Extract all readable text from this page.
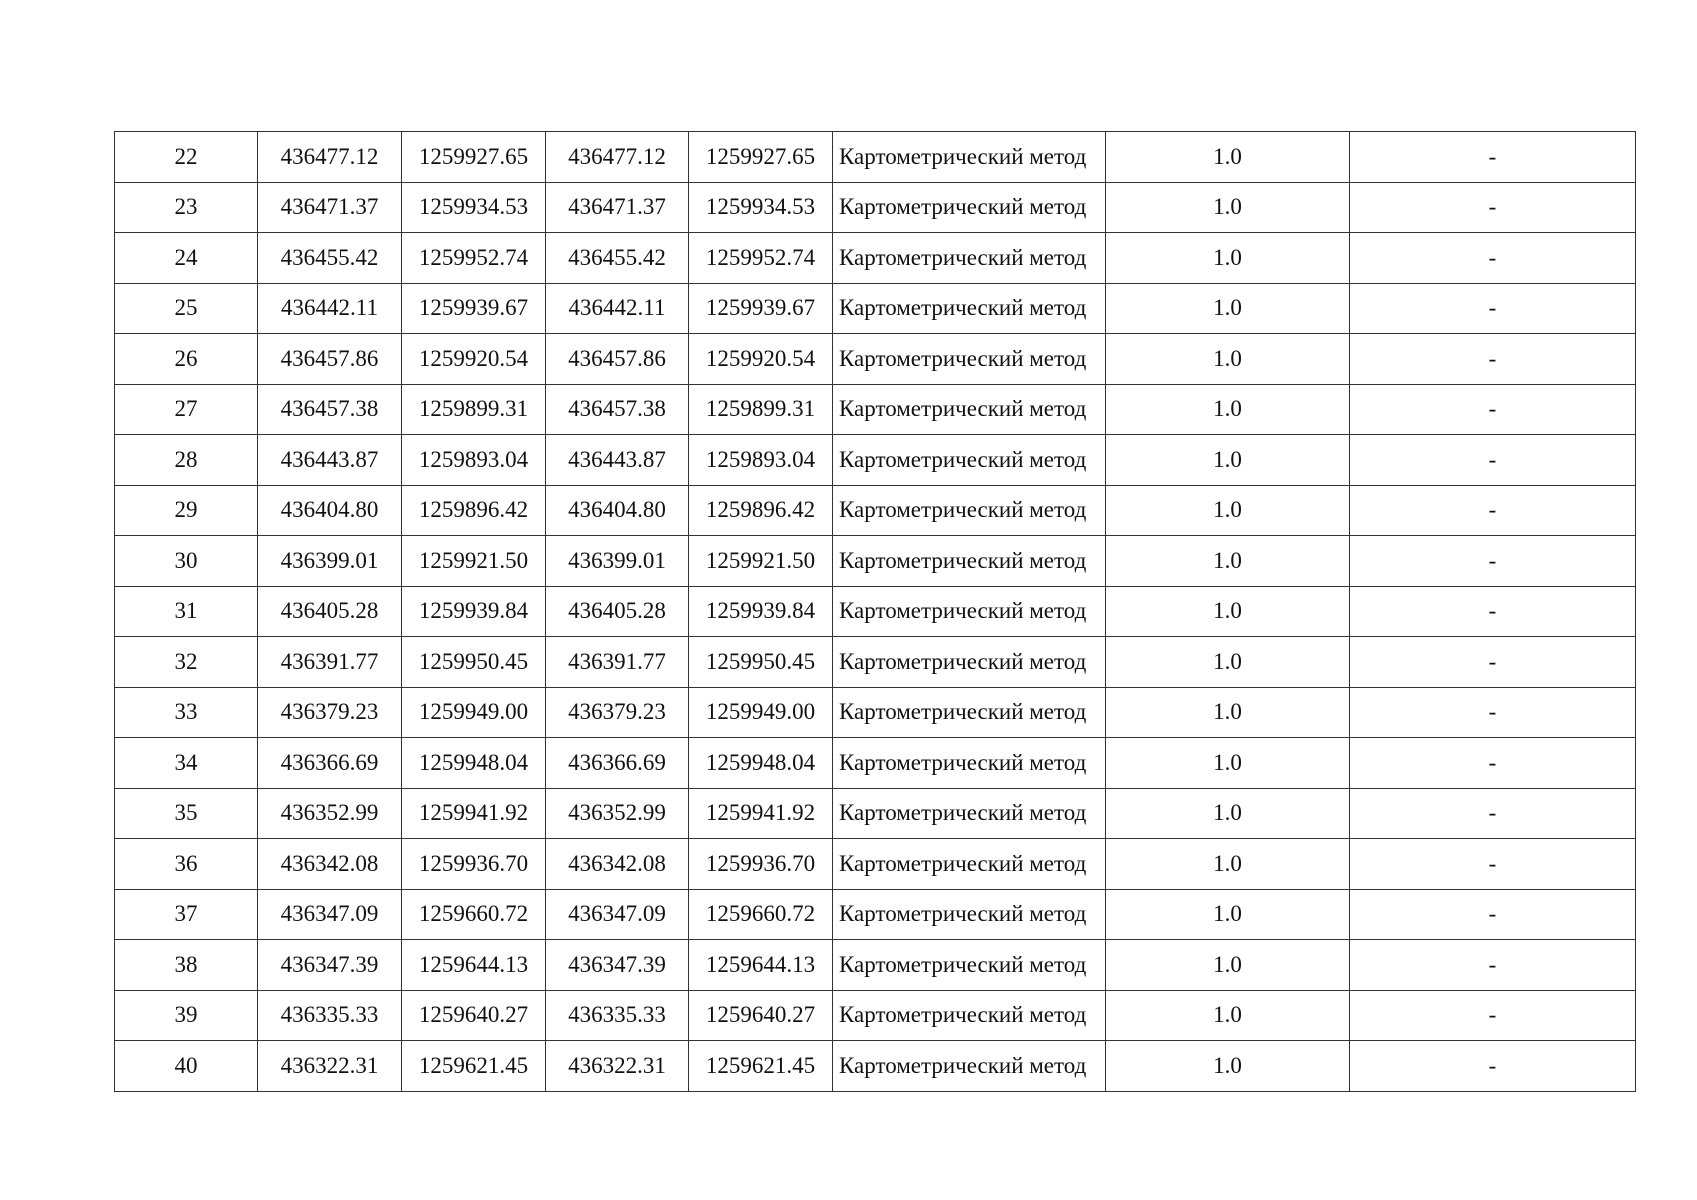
22	436477.12	1259927.65	436477.12	1259927.65	Картометрический метод	1.0	-
23	436471.37	1259934.53	436471.37	1259934.53	Картометрический метод	1.0	-
24	436455.42	1259952.74	436455.42	1259952.74	Картометрический метод	1.0	-
25	436442.11	1259939.67	436442.11	1259939.67	Картометрический метод	1.0	-
26	436457.86	1259920.54	436457.86	1259920.54	Картометрический метод	1.0	-
27	436457.38	1259899.31	436457.38	1259899.31	Картометрический метод	1.0	-
28	436443.87	1259893.04	436443.87	1259893.04	Картометрический метод	1.0	-
29	436404.80	1259896.42	436404.80	1259896.42	Картометрический метод	1.0	-
30	436399.01	1259921.50	436399.01	1259921.50	Картометрический метод	1.0	-
31	436405.28	1259939.84	436405.28	1259939.84	Картометрический метод	1.0	-
32	436391.77	1259950.45	436391.77	1259950.45	Картометрический метод	1.0	-
33	436379.23	1259949.00	436379.23	1259949.00	Картометрический метод	1.0	-
34	436366.69	1259948.04	436366.69	1259948.04	Картометрический метод	1.0	-
35	436352.99	1259941.92	436352.99	1259941.92	Картометрический метод	1.0	-
36	436342.08	1259936.70	436342.08	1259936.70	Картометрический метод	1.0	-
37	436347.09	1259660.72	436347.09	1259660.72	Картометрический метод	1.0	-
38	436347.39	1259644.13	436347.39	1259644.13	Картометрический метод	1.0	-
39	436335.33	1259640.27	436335.33	1259640.27	Картометрический метод	1.0	-
40	436322.31	1259621.45	436322.31	1259621.45	Картометрический метод	1.0	-
